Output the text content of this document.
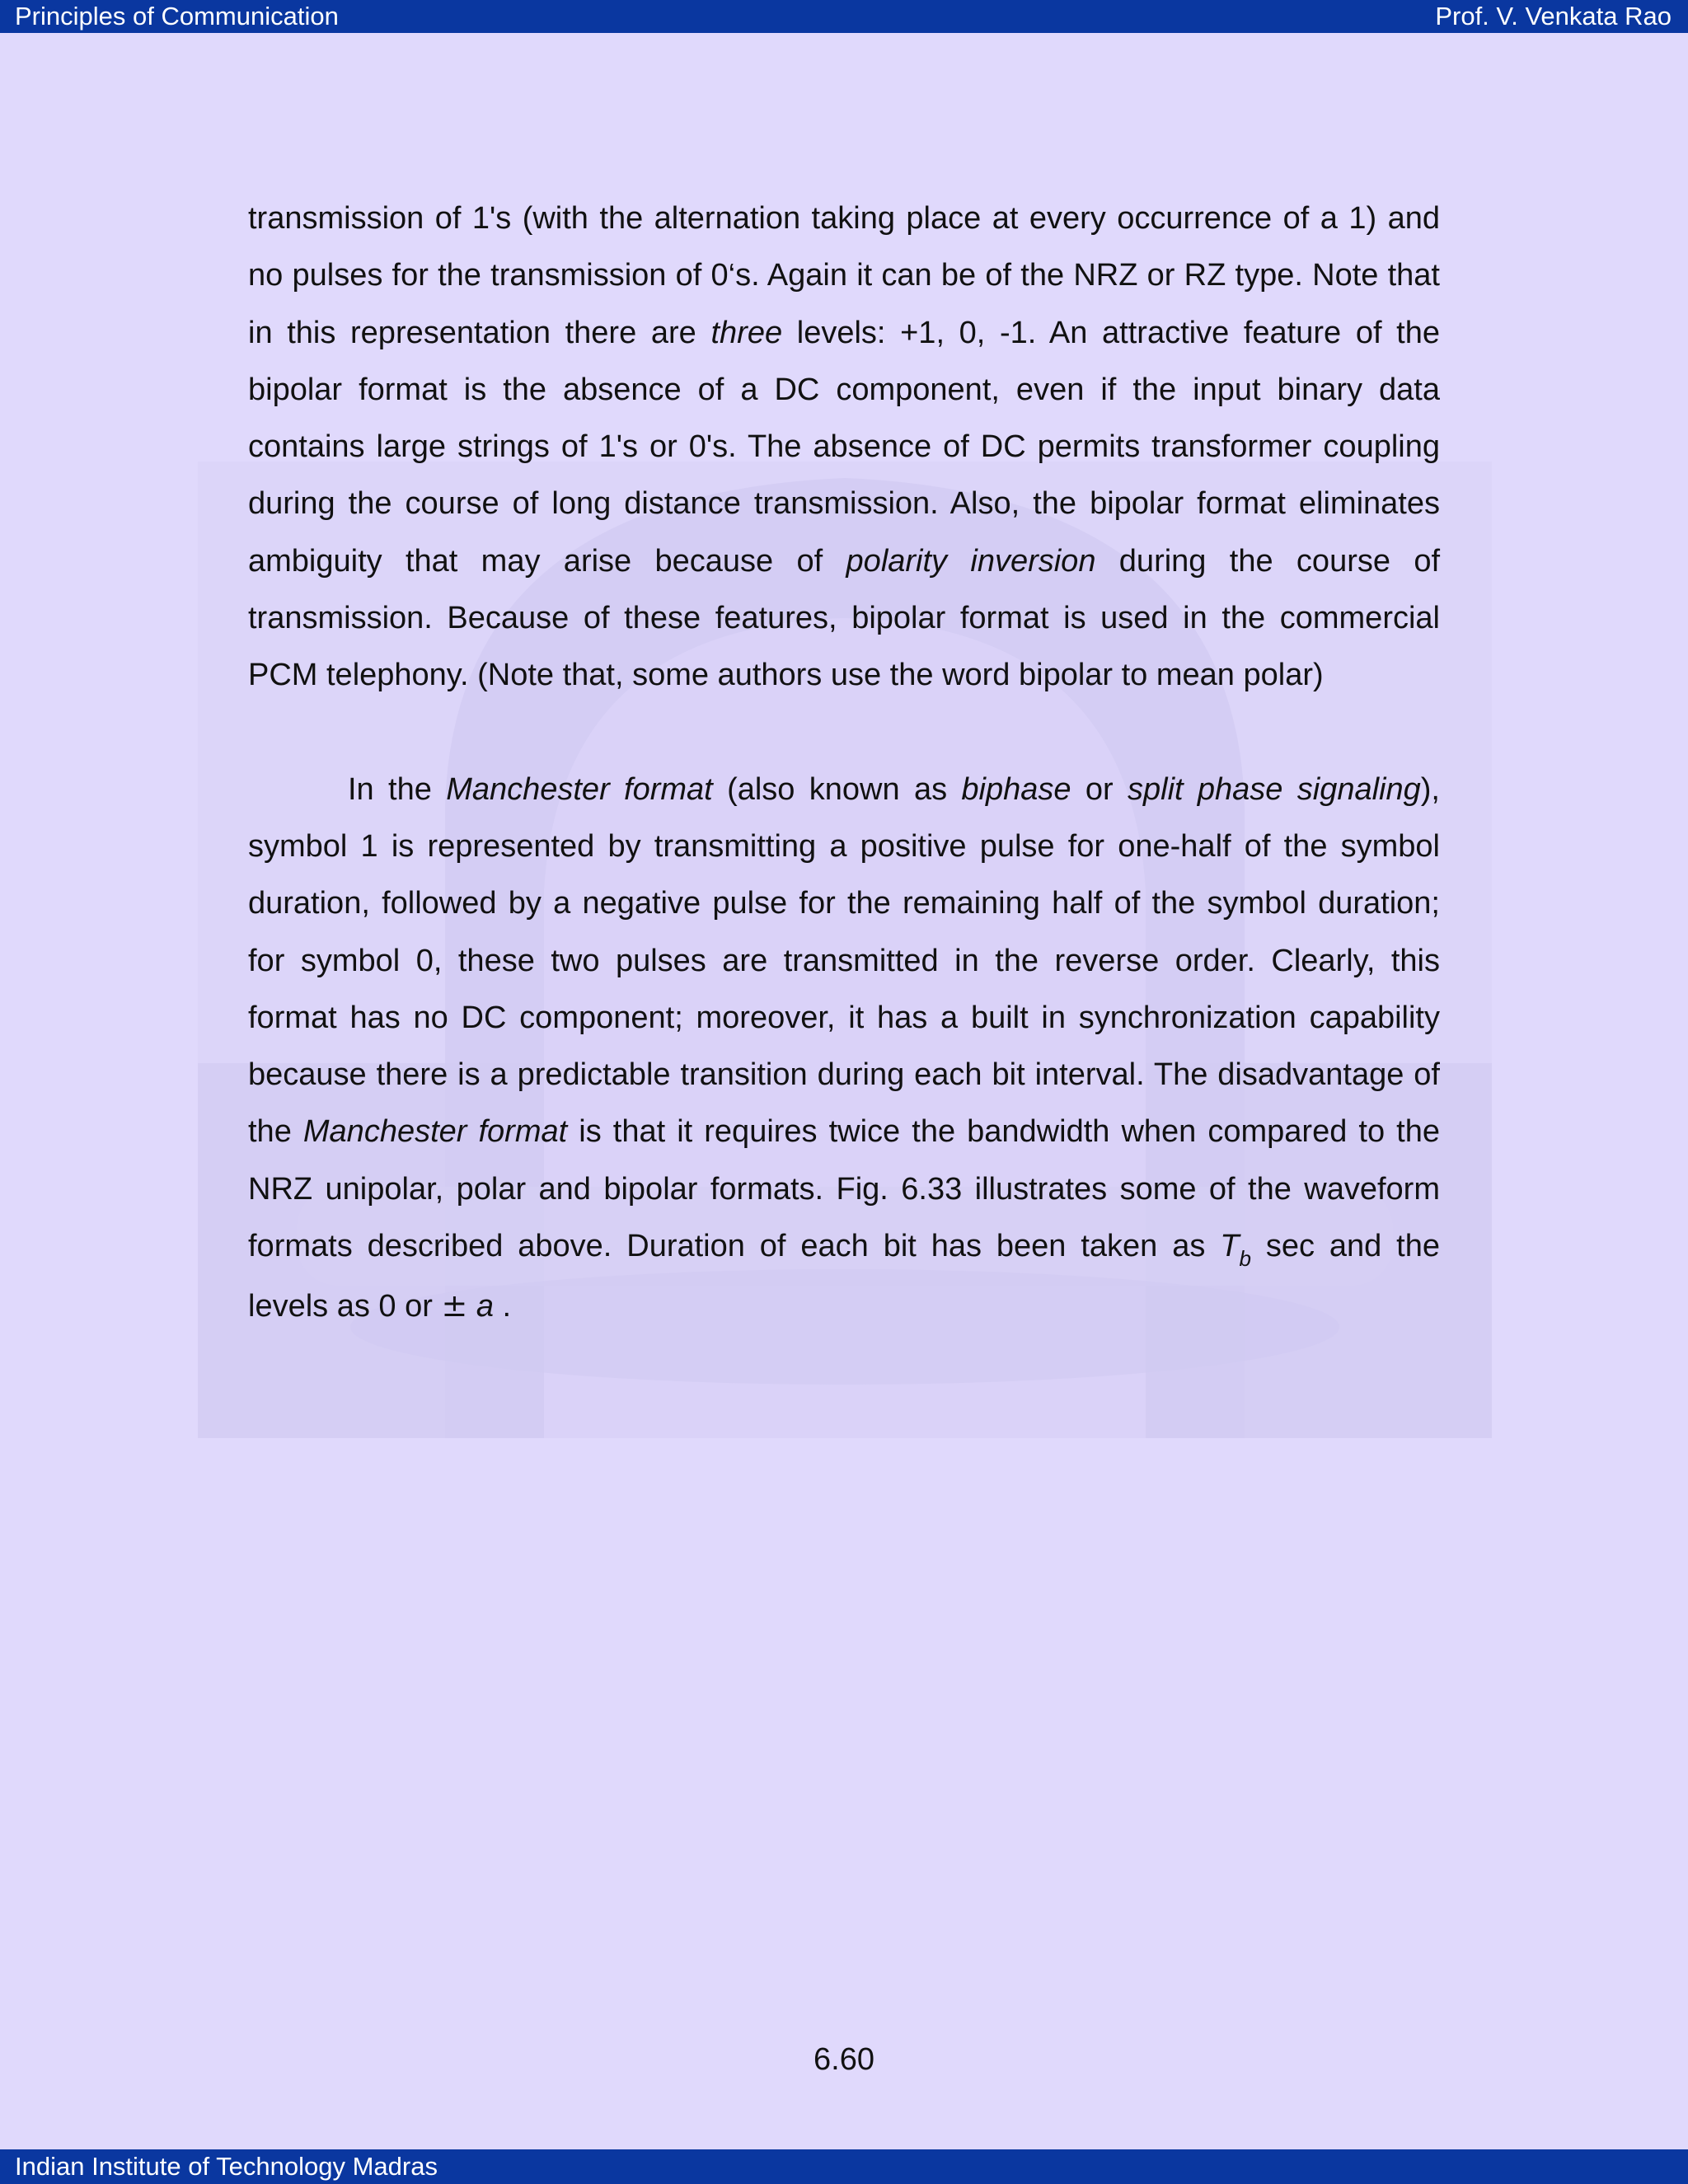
Principles of Communication	Prof. V. Venkata Rao

transmission of 1's (with the alternation taking place at every occurrence of a 1) and no pulses for the transmission of 0‘s. Again it can be of the NRZ or RZ type. Note that in this representation there are three levels: +1, 0, -1. An attractive feature of the bipolar format is the absence of a DC component, even if the input binary data contains large strings of 1's or 0's. The absence of DC permits transformer coupling during the course of long distance transmission. Also, the bipolar format eliminates ambiguity that may arise because of polarity inversion during the course of transmission. Because of these features, bipolar format is used in the commercial PCM telephony. (Note that, some authors use the word bipolar to mean polar)

In the Manchester format (also known as biphase or split phase signaling), symbol 1 is represented by transmitting a positive pulse for one-half of the symbol duration, followed by a negative pulse for the remaining half of the symbol duration; for symbol 0, these two pulses are transmitted in the reverse order. Clearly, this format has no DC component; moreover, it has a built in synchronization capability because there is a predictable transition during each bit interval. The disadvantage of the Manchester format is that it requires twice the bandwidth when compared to the NRZ unipolar, polar and bipolar formats. Fig. 6.33 illustrates some of the waveform formats described above. Duration of each bit has been taken as $T_b$ sec and the levels as 0 or ± a .

6.60
Indian Institute of Technology Madras
